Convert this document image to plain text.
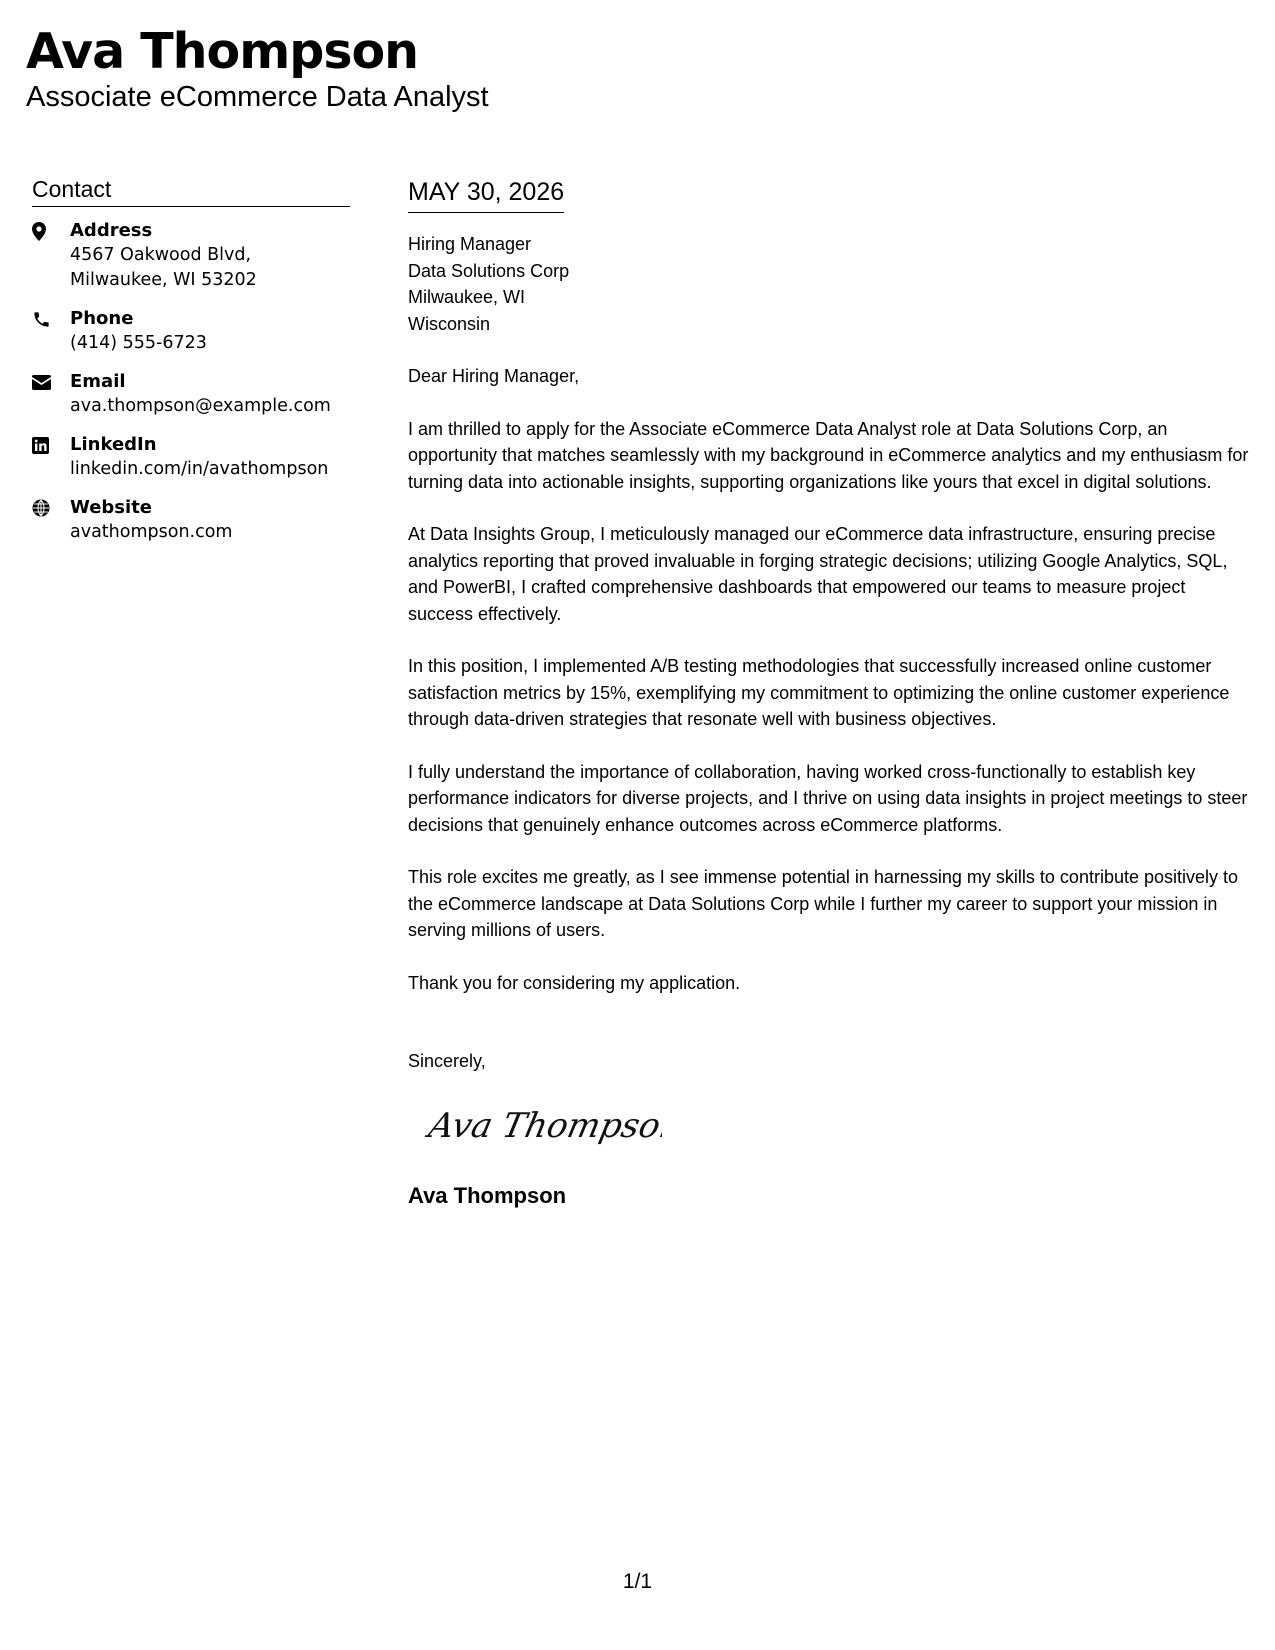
Ava Thompson
Associate eCommerce Data Analyst
Contact
Address
4567 Oakwood Blvd, Milwaukee, WI 53202
Phone
(414) 555-6723
Email
ava.thompson@example.com
LinkedIn
linkedin.com/in/avathompson
Website
avathompson.com
MAY 30, 2026
Hiring Manager
Data Solutions Corp
Milwaukee, WI
Wisconsin
Dear Hiring Manager,
I am thrilled to apply for the Associate eCommerce Data Analyst role at Data Solutions Corp, an opportunity that matches seamlessly with my background in eCommerce analytics and my enthusiasm for turning data into actionable insights, supporting organizations like yours that excel in digital solutions.
At Data Insights Group, I meticulously managed our eCommerce data infrastructure, ensuring precise analytics reporting that proved invaluable in forging strategic decisions; utilizing Google Analytics, SQL, and PowerBI, I crafted comprehensive dashboards that empowered our teams to measure project success effectively.
In this position, I implemented A/B testing methodologies that successfully increased online customer satisfaction metrics by 15%, exemplifying my commitment to optimizing the online customer experience through data-driven strategies that resonate well with business objectives.
I fully understand the importance of collaboration, having worked cross-functionally to establish key performance indicators for diverse projects, and I thrive on using data insights in project meetings to steer decisions that genuinely enhance outcomes across eCommerce platforms.
This role excites me greatly, as I see immense potential in harnessing my skills to contribute positively to the eCommerce landscape at Data Solutions Corp while I further my career to support your mission in serving millions of users.
Thank you for considering my application.
Sincerely,
Ava Thompson
Ava Thompson
1/1
